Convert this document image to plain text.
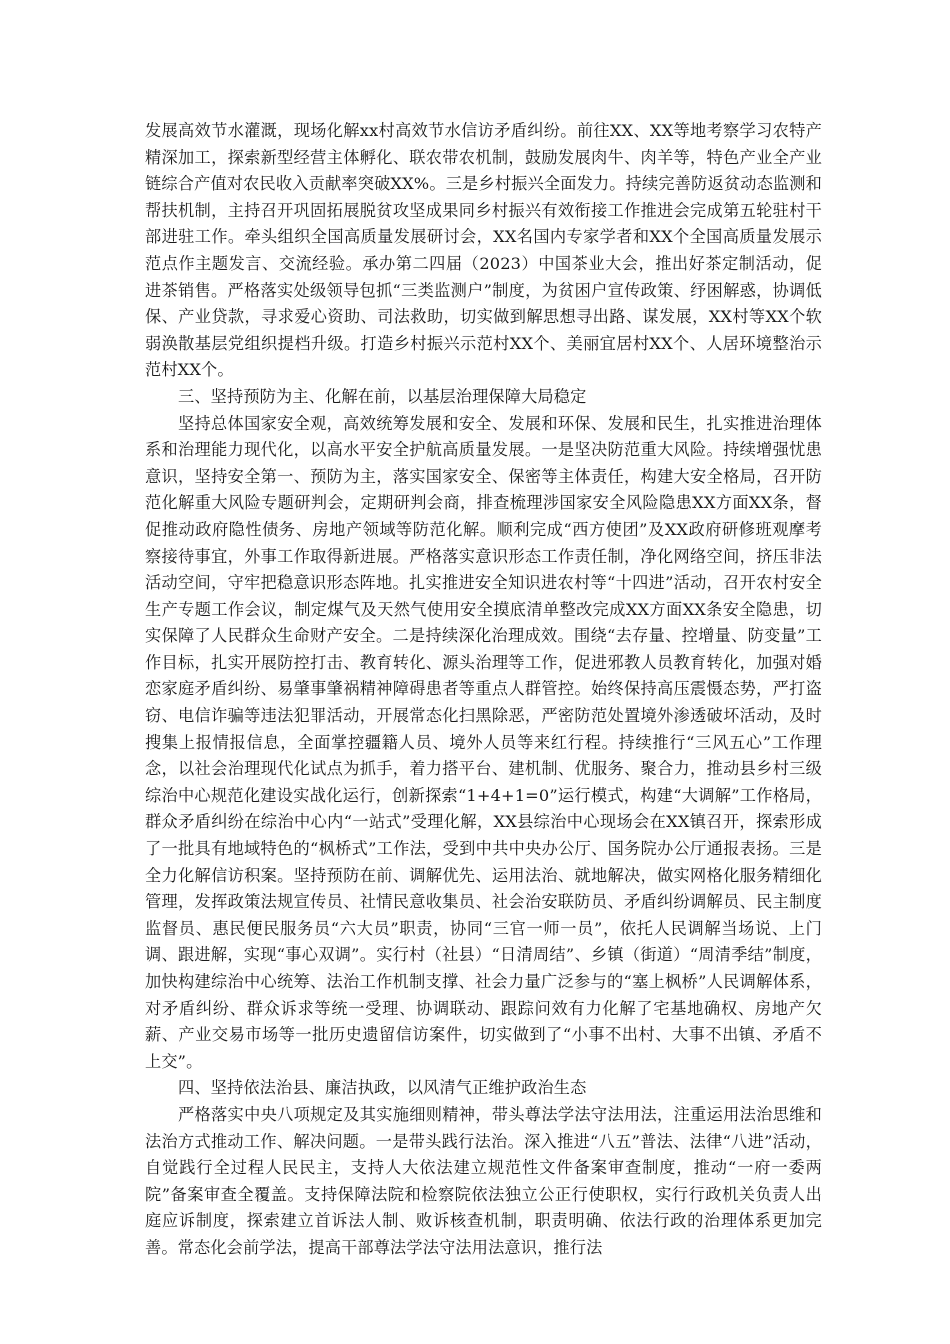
发展高效节水灌溉，现场化解xx村高效节水信访矛盾纠纷。前往XX、XX等地考察学习农特产精深加工，探索新型经营主体孵化、联农带农机制，鼓励发展肉牛、肉羊等，特色产业全产业链综合产值对农民收入贡献率突破XX%。三是乡村振兴全面发力。持续完善防返贫动态监测和帮扶机制，主持召开巩固拓展脱贫攻坚成果同乡村振兴有效衔接工作推进会完成第五轮驻村干部进驻工作。牵头组织全国高质量发展研讨会，XX名国内专家学者和XX个全国高质量发展示范点作主题发言、交流经验。承办第二四届（2023）中国茶业大会，推出好茶定制活动，促进茶销售。严格落实处级领导包抓“三类监测户”制度，为贫困户宣传政策、纾困解惑，协调低保、产业贷款，寻求爱心资助、司法救助，切实做到解思想寻出路、谋发展，XX村等XX个软弱涣散基层党组织提档升级。打造乡村振兴示范村XX个、美丽宜居村XX个、人居环境整治示范村XX个。

三、坚持预防为主、化解在前，以基层治理保障大局稳定

坚持总体国家安全观，高效统筹发展和安全、发展和环保、发展和民生，扎实推进治理体系和治理能力现代化，以高水平安全护航高质量发展。一是坚决防范重大风险。持续增强忧患意识，坚持安全第一、预防为主，落实国家安全、保密等主体责任，构建大安全格局，召开防范化解重大风险专题研判会，定期研判会商，排查梳理涉国家安全风险隐患XX方面XX条，督促推动政府隐性债务、房地产领域等防范化解。顺利完成“西方使团”及XX政府研修班观摩考察接待事宜，外事工作取得新进展。严格落实意识形态工作责任制，净化网络空间，挤压非法活动空间，守牢把稳意识形态阵地。扎实推进安全知识进农村等“十四进”活动，召开农村安全生产专题工作会议，制定煤气及天然气使用安全摸底清单整改完成XX方面XX条安全隐患，切实保障了人民群众生命财产安全。二是持续深化治理成效。围绕“去存量、控增量、防变量”工作目标，扎实开展防控打击、教育转化、源头治理等工作，促进邪教人员教育转化，加强对婚恋家庭矛盾纠纷、易肇事肇祸精神障碍患者等重点人群管控。始终保持高压震慑态势，严打盗窃、电信诈骗等违法犯罪活动，开展常态化扫黑除恶，严密防范处置境外渗透破坏活动，及时搜集上报情报信息，全面掌控疆籍人员、境外人员等来红行程。持续推行“三风五心”工作理念，以社会治理现代化试点为抓手，着力搭平台、建机制、优服务、聚合力，推动县乡村三级综治中心规范化建设实战化运行，创新探索“1+4+1=0”运行模式，构建“大调解”工作格局，群众矛盾纠纷在综治中心内“一站式”受理化解，XX县综治中心现场会在XX镇召开，探索形成了一批具有地域特色的“枫桥式”工作法，受到中共中央办公厅、国务院办公厅通报表扬。三是全力化解信访积案。坚持预防在前、调解优先、运用法治、就地解决，做实网格化服务精细化管理，发挥政策法规宣传员、社情民意收集员、社会治安联防员、矛盾纠纷调解员、民主制度监督员、惠民便民服务员“六大员”职责，协同“三官一师一员”，依托人民调解当场说、上门调、跟进解，实现“事心双调”。实行村（社县）“日清周结”、乡镇（街道）“周清季结”制度，加快构建综治中心统筹、法治工作机制支撑、社会力量广泛参与的“塞上枫桥”人民调解体系，对矛盾纠纷、群众诉求等统一受理、协调联动、跟踪问效有力化解了宅基地确权、房地产欠薪、产业交易市场等一批历史遗留信访案件，切实做到了“小事不出村、大事不出镇、矛盾不上交”。

四、坚持依法治县、廉洁执政，以风清气正维护政治生态

严格落实中央八项规定及其实施细则精神，带头尊法学法守法用法，注重运用法治思维和法治方式推动工作、解决问题。一是带头践行法治。深入推进“八五”普法、法律“八进”活动，自觉践行全过程人民民主，支持人大依法建立规范性文件备案审查制度，推动“一府一委两院”备案审查全覆盖。支持保障法院和检察院依法独立公正行使职权，实行行政机关负责人出庭应诉制度，探索建立首诉法人制、败诉核查机制，职责明确、依法行政的治理体系更加完善。常态化会前学法，提高干部尊法学法守法用法意识，推行法
